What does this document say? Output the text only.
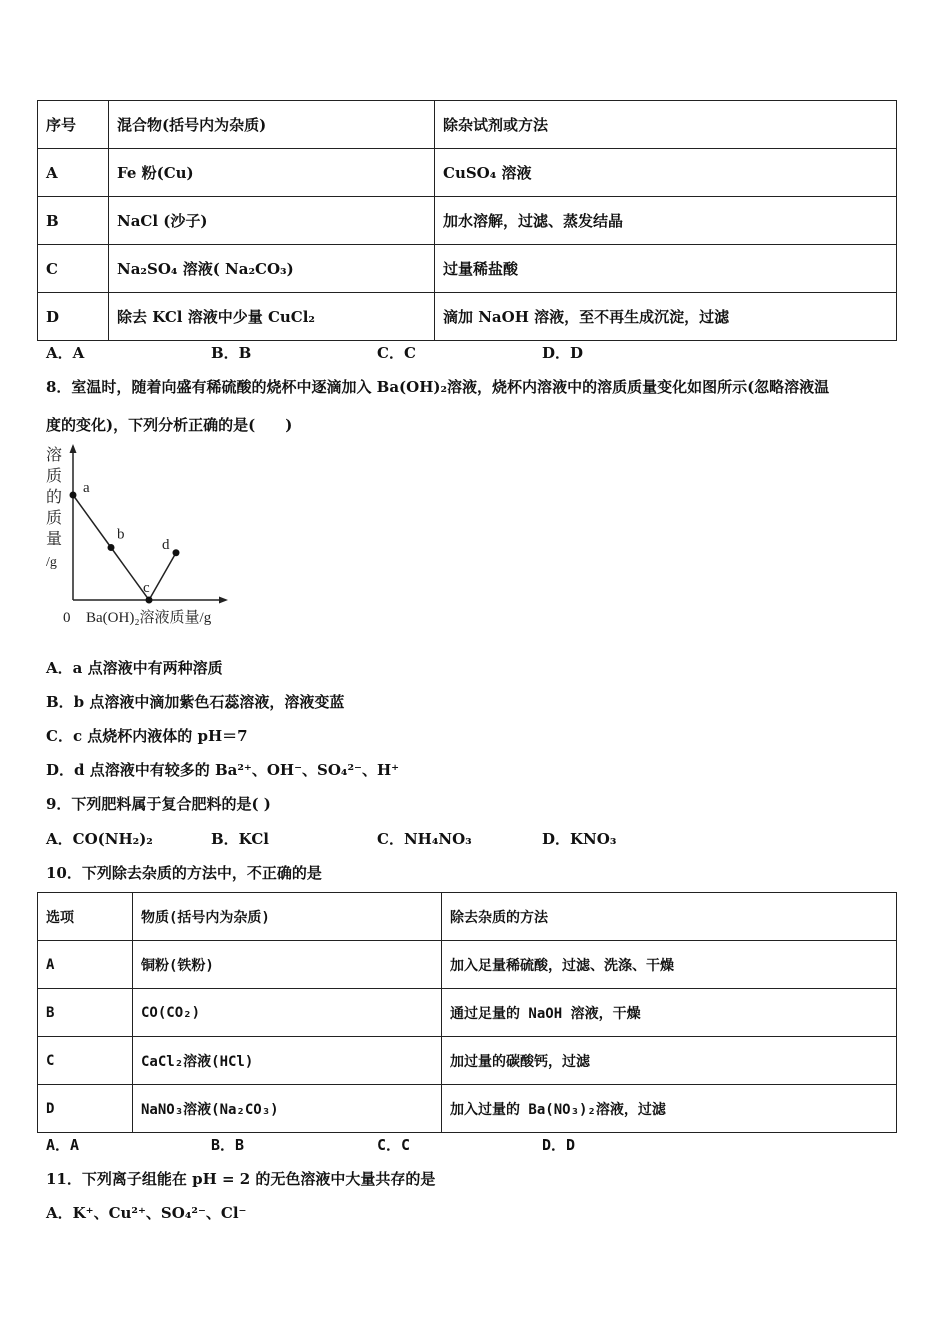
序号	混合物(括号内为杂质)	除杂试剂或方法
A	Fe 粉(Cu)	CuSO₄ 溶液
B	NaCl (沙子)	加水溶解，过滤、蒸发结晶
C	Na₂SO₄ 溶液( Na₂CO₃)	过量稀盐酸
D	除去 KCl 溶液中少量 CuCl₂	滴加 NaOH 溶液，至不再生成沉淀，过滤
A．A	B．B	C．C	D．D
8．室温时，随着向盛有稀硫酸的烧杯中逐滴加入 Ba(OH)₂溶液，烧杯内溶液中的溶质质量变化如图所示(忽略溶液温
度的变化)，下列分析正确的是(　　)
溶
质
的
质
量
/g
0 Ba(OH)₂溶液质量/g
a
b
c
d
A．a 点溶液中有两种溶质
B．b 点溶液中滴加紫色石蕊溶液，溶液变蓝
C．c 点烧杯内液体的 pH＝7
D．d 点溶液中有较多的 Ba²⁺、OH⁻、SO₄²⁻、H⁺
9．下列肥料属于复合肥料的是( )
A．CO(NH₂)₂	B．KCl	C．NH₄NO₃	D．KNO₃
10．下列除去杂质的方法中，不正确的是
选项	物质(括号内为杂质)	除去杂质的方法
A	铜粉(铁粉)	加入足量稀硫酸，过滤、洗涤、干燥
B	CO(CO₂)	通过足量的 NaOH 溶液，干燥
C	CaCl₂溶液(HCl)	加过量的碳酸钙，过滤
D	NaNO₃溶液(Na₂CO₃)	加入过量的 Ba(NO₃)₂溶液，过滤
A．A	B．B	C．C	D．D
11．下列离子组能在 pH = 2 的无色溶液中大量共存的是
A．K⁺、Cu²⁺、SO₄²⁻、Cl⁻
